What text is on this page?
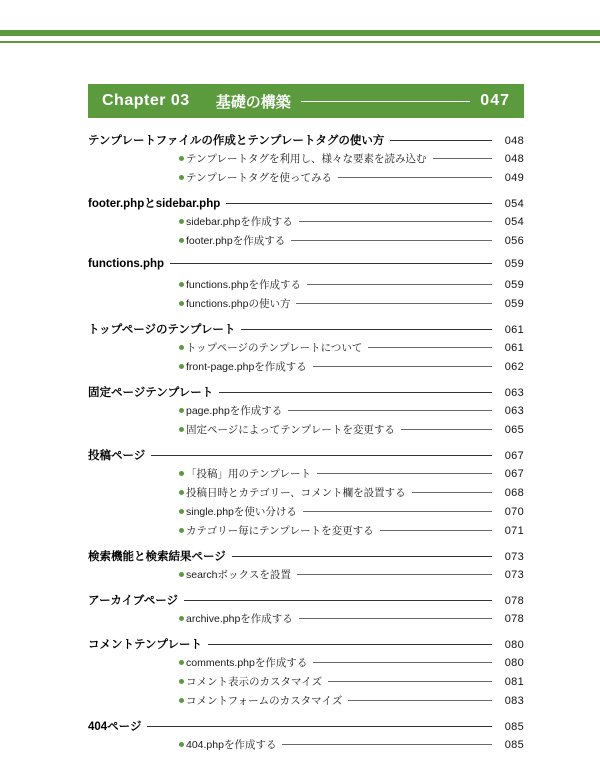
Chapter 03 基礎の構築	047
テンプレートファイルの作成とテンプレートタグの使い方	048
テンプレートタグを利用し、様々な要素を読み込む	048
テンプレートタグを使ってみる	049
footer.phpとsidebar.php	054
sidebar.phpを作成する	054
footer.phpを作成する	056
functions.php	059
functions.phpを作成する	059
functions.phpの使い方	059
トップページのテンプレート	061
トップページのテンプレートについて	061
front-page.phpを作成する	062
固定ページテンプレート	063
page.phpを作成する	063
固定ページによってテンプレートを変更する	065
投稿ページ	067
「投稿」用のテンプレート	067
投稿日時とカテゴリー、コメント欄を設置する	068
single.phpを使い分ける	070
カテゴリー毎にテンプレートを変更する	071
検索機能と検索結果ページ	073
searchボックスを設置	073
アーカイブページ	078
archive.phpを作成する	078
コメントテンプレート	080
comments.phpを作成する	080
コメント表示のカスタマイズ	081
コメントフォームのカスタマイズ	083
404ページ	085
404.phpを作成する	085
